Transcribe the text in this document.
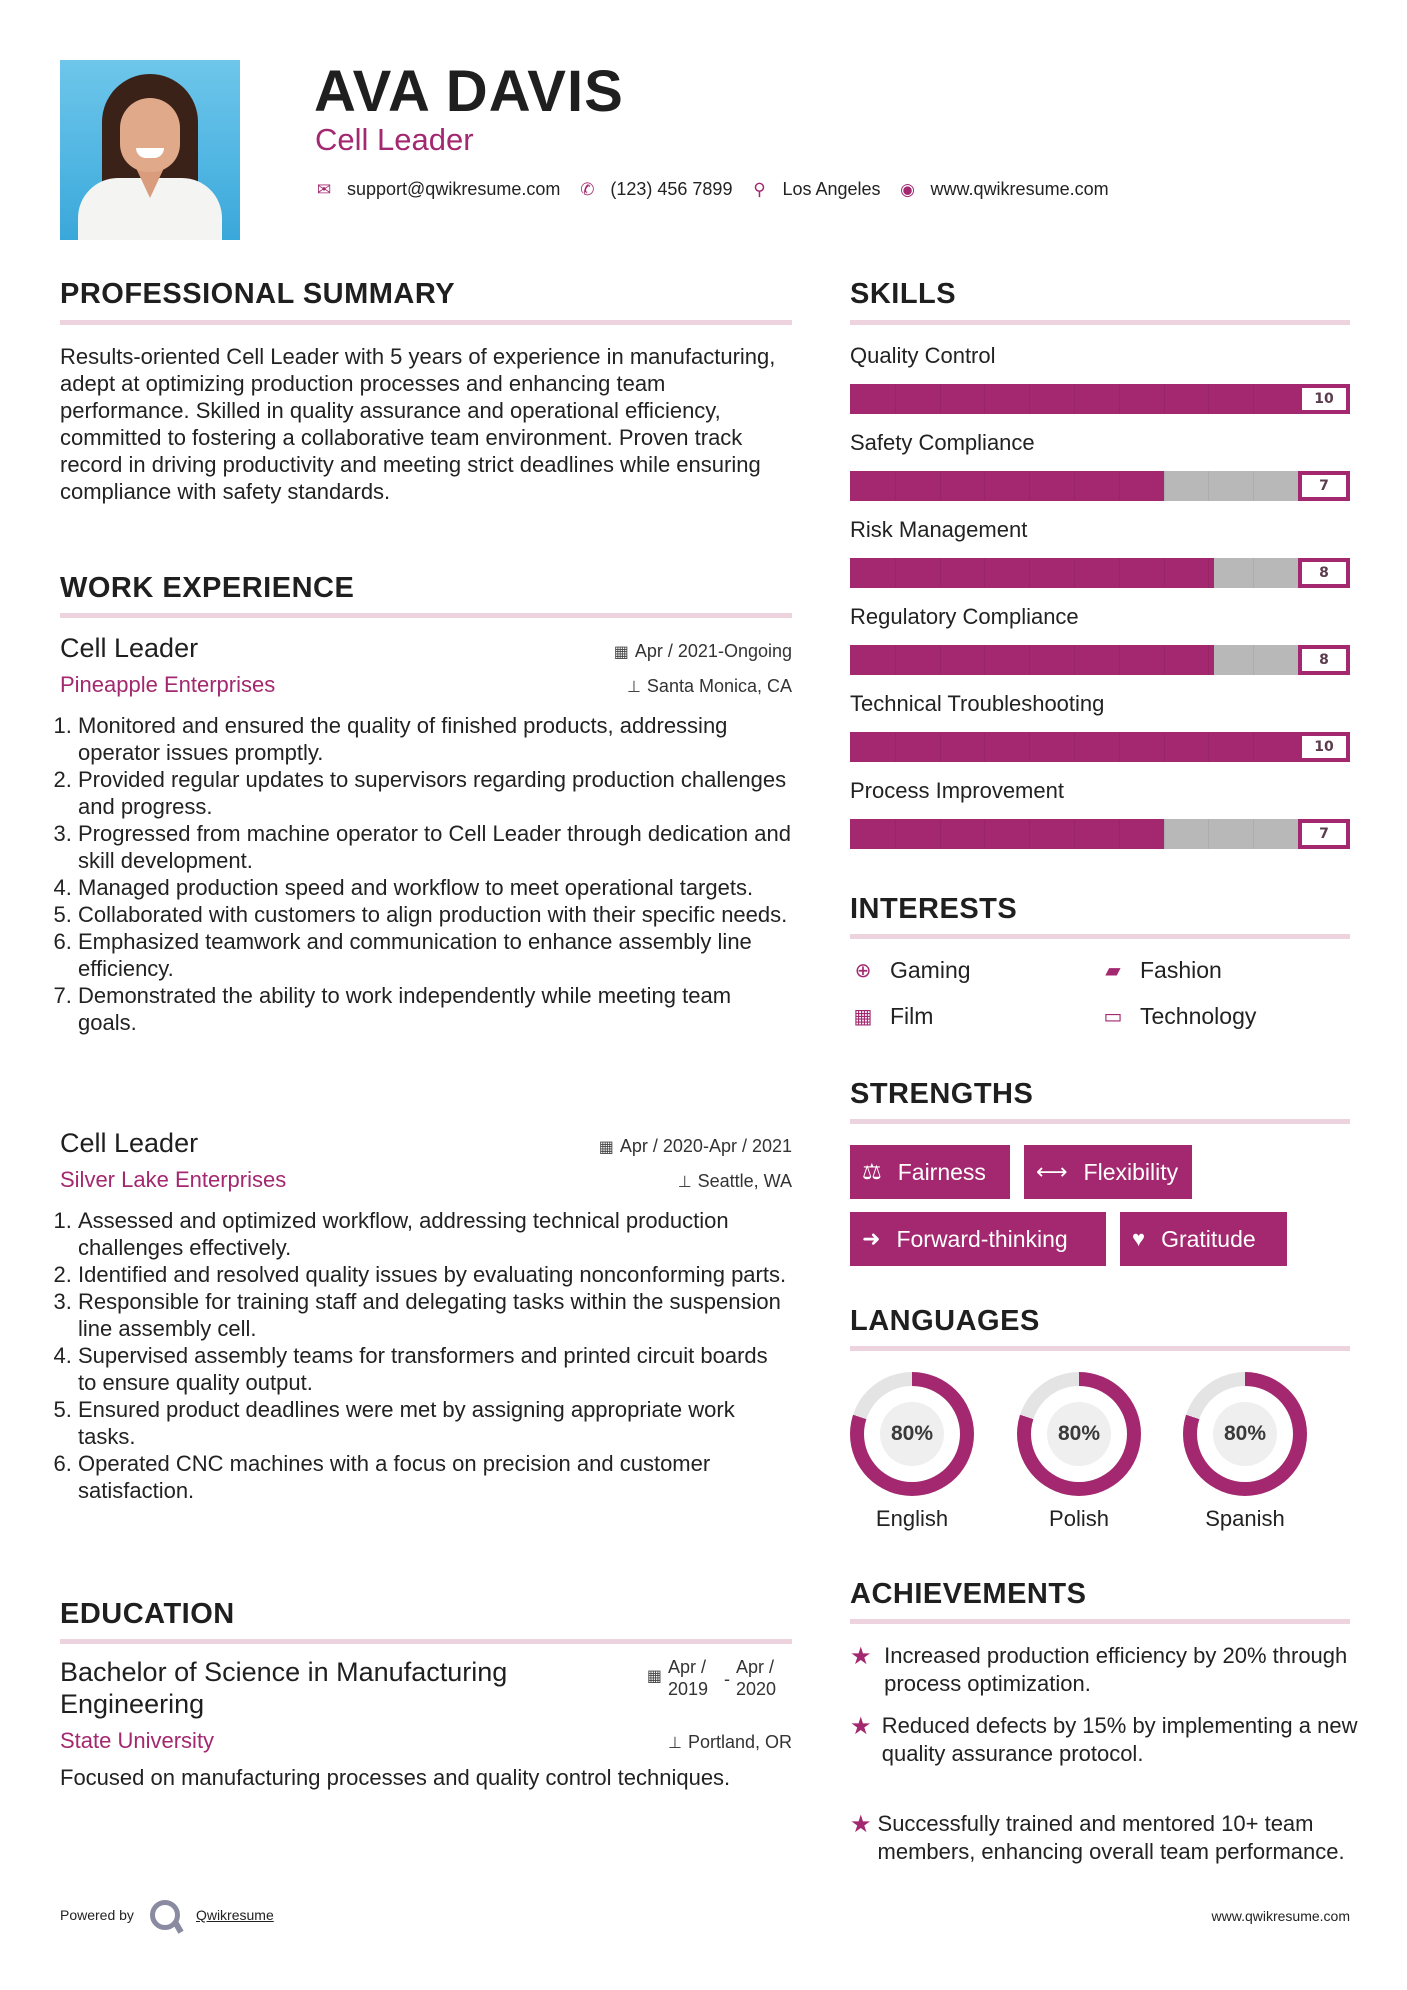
AVA DAVIS
Cell Leader
✉ support@qwikresume.com ✆ (123) 456 7899 ⚲ Los Angeles ◉ www.qwikresume.com
PROFESSIONAL SUMMARY
Results-oriented Cell Leader with 5 years of experience in manufacturing, adept at optimizing production processes and enhancing team performance. Skilled in quality assurance and operational efficiency, committed to fostering a collaborative team environment. Proven track record in driving productivity and meeting strict deadlines while ensuring compliance with safety standards.
WORK EXPERIENCE
Cell Leader	▦ Apr / 2021-Ongoing
Pineapple Enterprises	⊥ Santa Monica, CA
1. Monitored and ensured the quality of finished products, addressing operator issues promptly.
2. Provided regular updates to supervisors regarding production challenges and progress.
3. Progressed from machine operator to Cell Leader through dedication and skill development.
4. Managed production speed and workflow to meet operational targets.
5. Collaborated with customers to align production with their specific needs.
6. Emphasized teamwork and communication to enhance assembly line efficiency.
7. Demonstrated the ability to work independently while meeting team goals.
Cell Leader	▦ Apr / 2020-Apr / 2021
Silver Lake Enterprises	⊥ Seattle, WA
1. Assessed and optimized workflow, addressing technical production challenges effectively.
2. Identified and resolved quality issues by evaluating nonconforming parts.
3. Responsible for training staff and delegating tasks within the suspension line assembly cell.
4. Supervised assembly teams for transformers and printed circuit boards to ensure quality output.
5. Ensured product deadlines were met by assigning appropriate work tasks.
6. Operated CNC machines with a focus on precision and customer satisfaction.
EDUCATION
Bachelor of Science in Manufacturing Engineering
▦ Apr / 2019 -
Apr / 2020
State University	⊥ Portland, OR
Focused on manufacturing processes and quality control techniques.
SKILLS
Quality Control
10
Safety Compliance
7
Risk Management
8
Regulatory Compliance
8
Technical Troubleshooting
10
Process Improvement
7
INTERESTS
⊕ Gaming	▰ Fashion
▦ Film	▭ Technology
STRENGTHS
⚖ Fairness ⟷ Flexibility
➜ Forward-thinking	♥ Gratitude
LANGUAGES
80%
English
80%
Polish
80%
Spanish
ACHIEVEMENTS
★ Increased production efficiency by 20% through process optimization.
★ Reduced defects by 15% by implementing a new quality assurance protocol.
★ Successfully trained and mentored 10+ team members, enhancing overall team performance.
Powered by	Qwikresume	www.qwikresume.com
